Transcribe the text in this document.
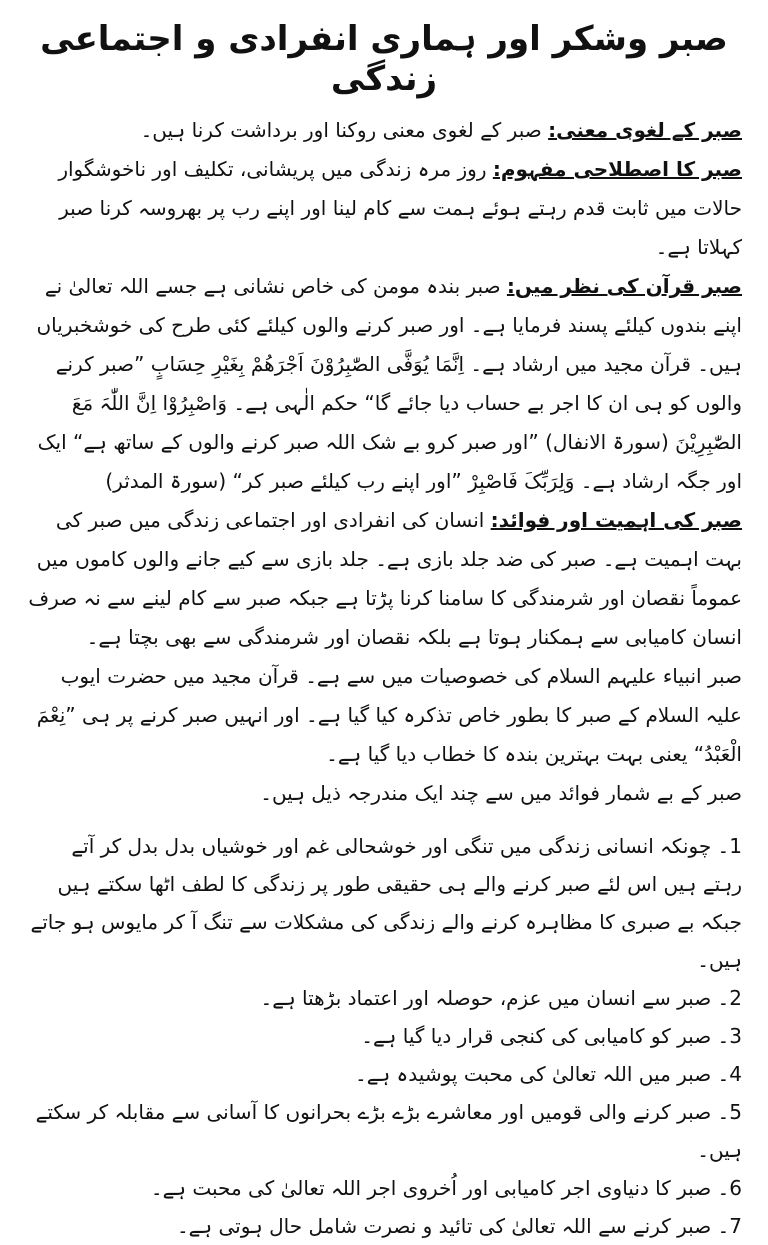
صبر وشکر اور ہماری انفرادی و اجتماعی زندگی

صبر کے لغوی معنی: صبر کے لغوی معنی روکنا اور برداشت کرنا ہیں۔

صبر کا اصطلاحی مفہوم: روز مرہ زندگی میں پریشانی، تکلیف اور ناخوشگوار حالات میں ثابت قدم رہتے ہوئے ہمت سے کام لینا اور اپنے رب پر بھروسہ کرنا صبر کہلاتا ہے۔

صبر قرآن کی نظر میں: صبر بندہ مومن کی خاص نشانی ہے جسے اللہ تعالیٰ نے اپنے بندوں کیلئے پسند فرمایا ہے۔ اور صبر کرنے والوں کیلئے کئی طرح کی خوشخبریاں ہیں۔ قرآن مجید میں ارشاد ہے۔ اِنَّمَا یُوَفَّی الصّٰبِرُوْنَ اَجْرَھُمْ بِغَیْرِ حِسَابٍ ”صبر کرنے والوں کو ہی ان کا اجر بے حساب دیا جائے گا“ حکم الٰہی ہے۔ وَاصْبِرُوْا اِنَّ اللّٰہَ مَعَ الصّٰبِرِیْنَ (سورۃ الانفال) ”اور صبر کرو بے شک اللہ صبر کرنے والوں کے ساتھ ہے“ ایک اور جگہ ارشاد ہے۔ وَلِرَبِّکَ فَاصْبِرْ ”اور اپنے رب کیلئے صبر کر“ (سورۃ المدثر)

صبر کی اہمیت اور فوائد: انسان کی انفرادی اور اجتماعی زندگی میں صبر کی بہت اہمیت ہے۔ صبر کی ضد جلد بازی ہے۔ جلد بازی سے کیے جانے والوں کاموں میں عموماً نقصان اور شرمندگی کا سامنا کرنا پڑتا ہے جبکہ صبر سے کام لینے سے نہ صرف انسان کامیابی سے ہمکنار ہوتا ہے بلکہ نقصان اور شرمندگی سے بھی بچتا ہے۔

صبر انبیاء علیہم السلام کی خصوصیات میں سے ہے۔ قرآن مجید میں حضرت ایوب علیہ السلام کے صبر کا بطور خاص تذکرہ کیا گیا ہے۔ اور انہیں صبر کرنے پر ہی ”نِعْمَ الْعَبْدُ“ یعنی بہت بہترین بندہ کا خطاب دیا گیا ہے۔

صبر کے بے شمار فوائد میں سے چند ایک مندرجہ ذیل ہیں۔

1۔ چونکہ انسانی زندگی میں تنگی اور خوشحالی غم اور خوشیاں بدل بدل کر آتے رہتے ہیں اس لئے صبر کرنے والے ہی حقیقی طور پر زندگی کا لطف اٹھا سکتے ہیں جبکہ بے صبری کا مظاہرہ کرنے والے زندگی کی مشکلات سے تنگ آ کر مایوس ہو جاتے ہیں۔

2۔ صبر سے انسان میں عزم، حوصلہ اور اعتماد بڑھتا ہے۔

3۔ صبر کو کامیابی کی کنجی قرار دیا گیا ہے۔

4۔ صبر میں اللہ تعالیٰ کی محبت پوشیدہ ہے۔

5۔ صبر کرنے والی قومیں اور معاشرے بڑے بڑے بحرانوں کا آسانی سے مقابلہ کر سکتے ہیں۔

6۔ صبر کا دنیاوی اجر کامیابی اور اُخروی اجر اللہ تعالیٰ کی محبت ہے۔

7۔ صبر کرنے سے اللہ تعالیٰ کی تائید و نصرت شامل حال ہوتی ہے۔
